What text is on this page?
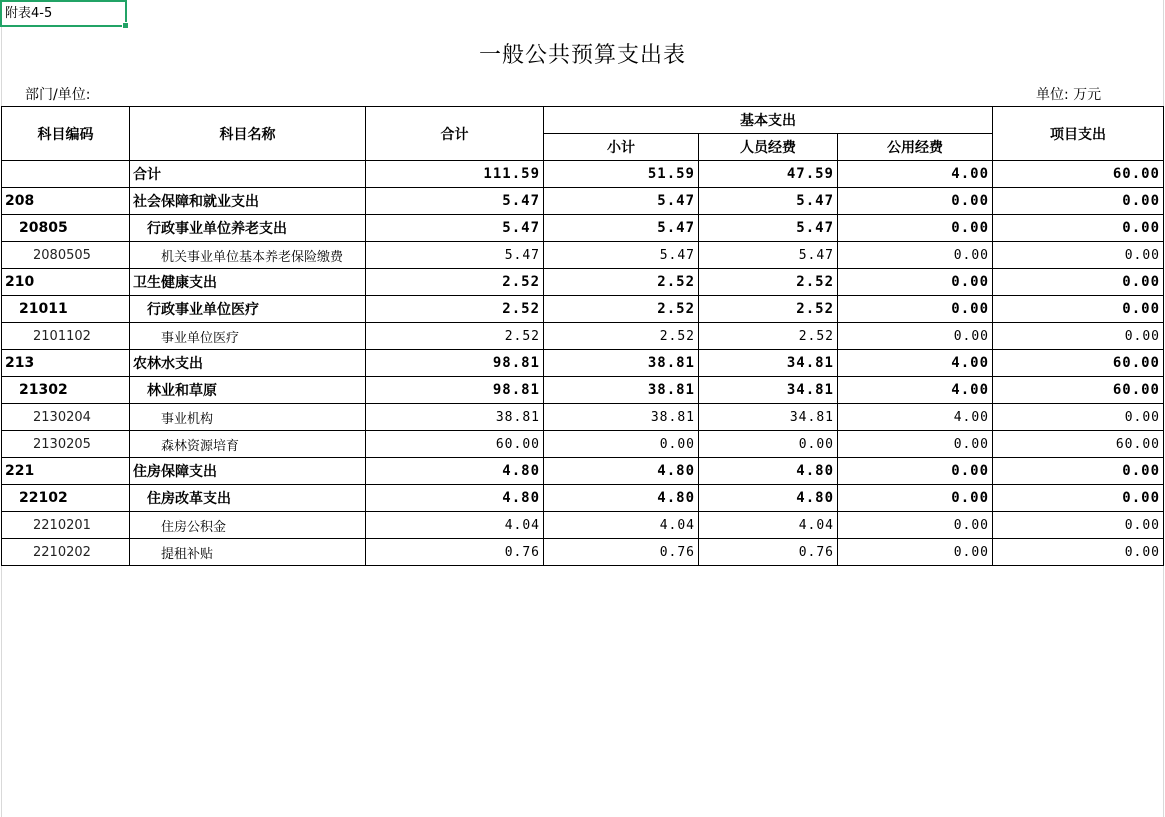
附表4-5
一般公共预算支出表
部门/单位:	单位: 万元
科目编码	科目名称	合计	基本支出			项目支出
			小计	人员经费	公用经费	
	合计	111.59	51.59	47.59	4.00	60.00
208	社会保障和就业支出	5.47	5.47	5.47	0.00	0.00
20805	行政事业单位养老支出	5.47	5.47	5.47	0.00	0.00
2080505	机关事业单位基本养老保险缴费	5.47	5.47	5.47	0.00	0.00
210	卫生健康支出	2.52	2.52	2.52	0.00	0.00
21011	行政事业单位医疗	2.52	2.52	2.52	0.00	0.00
2101102	事业单位医疗	2.52	2.52	2.52	0.00	0.00
213	农林水支出	98.81	38.81	34.81	4.00	60.00
21302	林业和草原	98.81	38.81	34.81	4.00	60.00
2130204	事业机构	38.81	38.81	34.81	4.00	0.00
2130205	森林资源培育	60.00	0.00	0.00	0.00	60.00
221	住房保障支出	4.80	4.80	4.80	0.00	0.00
22102	住房改革支出	4.80	4.80	4.80	0.00	0.00
2210201	住房公积金	4.04	4.04	4.04	0.00	0.00
2210202	提租补贴	0.76	0.76	0.76	0.00	0.00
